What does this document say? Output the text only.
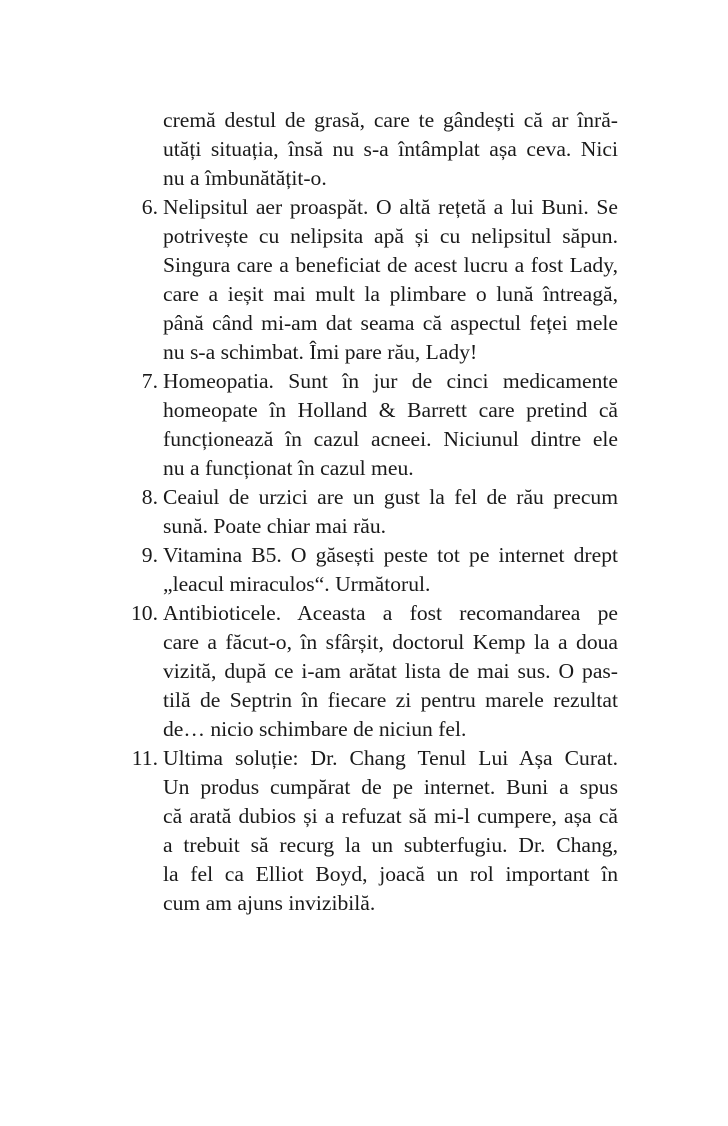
cremă destul de grasă, care te gândești că ar înră-
utăți situația, însă nu s-a întâmplat așa ceva. Nici
nu a îmbunătățit-o.
6. Nelipsitul aer proaspăt. O altă rețetă a lui Buni. Se
potrivește cu nelipsita apă și cu nelipsitul săpun.
Singura care a beneficiat de acest lucru a fost Lady,
care a ieșit mai mult la plimbare o lună întreagă,
până când mi-am dat seama că aspectul feței mele
nu s-a schimbat. Îmi pare rău, Lady!
7. Homeopatia. Sunt în jur de cinci medicamente
homeopate în Holland & Barrett care pretind că
funcționează în cazul acneei. Niciunul dintre ele
nu a funcționat în cazul meu.
8. Ceaiul de urzici are un gust la fel de rău precum
sună. Poate chiar mai rău.
9. Vitamina B5. O găsești peste tot pe internet drept
„leacul miraculos“. Următorul.
10. Antibioticele. Aceasta a fost recomandarea pe
care a făcut-o, în sfârșit, doctorul Kemp la a doua
vizită, după ce i-am arătat lista de mai sus. O pas-
tilă de Septrin în fiecare zi pentru marele rezultat
de… nicio schimbare de niciun fel.
11. Ultima soluție: Dr. Chang Tenul Lui Așa Curat.
Un produs cumpărat de pe internet. Buni a spus
că arată dubios și a refuzat să mi-l cumpere, așa că
a trebuit să recurg la un subterfugiu. Dr. Chang,
la fel ca Elliot Boyd, joacă un rol important în
cum am ajuns invizibilă.
